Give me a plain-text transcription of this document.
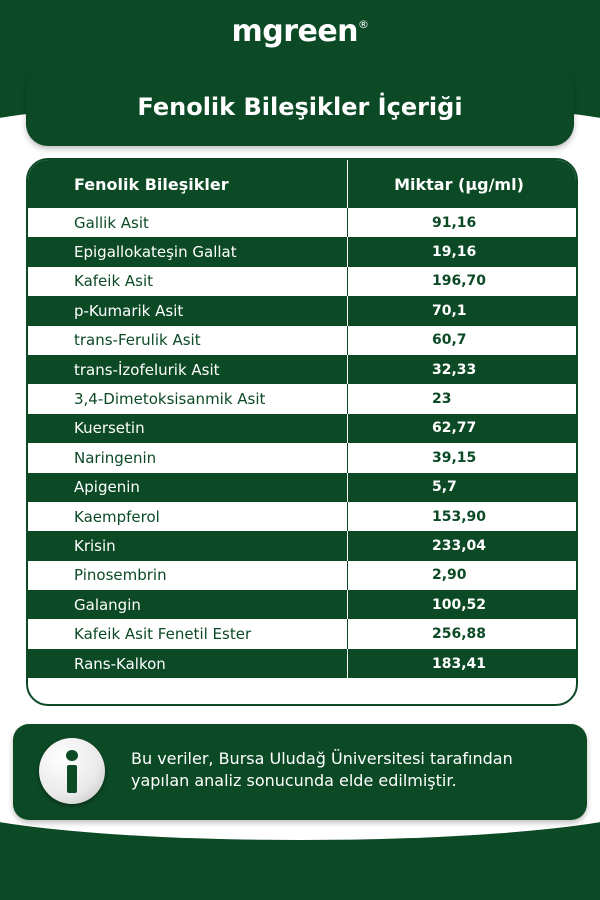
mgreen®
Fenolik Bileşikler İçeriği
Fenolik Bileşikler	Miktar (µg/ml)
Gallik Asit	91,16
Epigallokateşin Gallat	19,16
Kafeik Asit	196,70
p-Kumarik Asit	70,1
trans-Ferulik Asit	60,7
trans-İzofelurik Asit	32,33
3,4-Dimetoksisanmik Asit	23
Kuersetin	62,77
Naringenin	39,15
Apigenin	5,7
Kaempferol	153,90
Krisin	233,04
Pinosembrin	2,90
Galangin	100,52
Kafeik Asit Fenetil Ester	256,88
Rans-Kalkon	183,41
Bu veriler, Bursa Uludağ Üniversitesi tarafından
yapılan analiz sonucunda elde edilmiştir.
